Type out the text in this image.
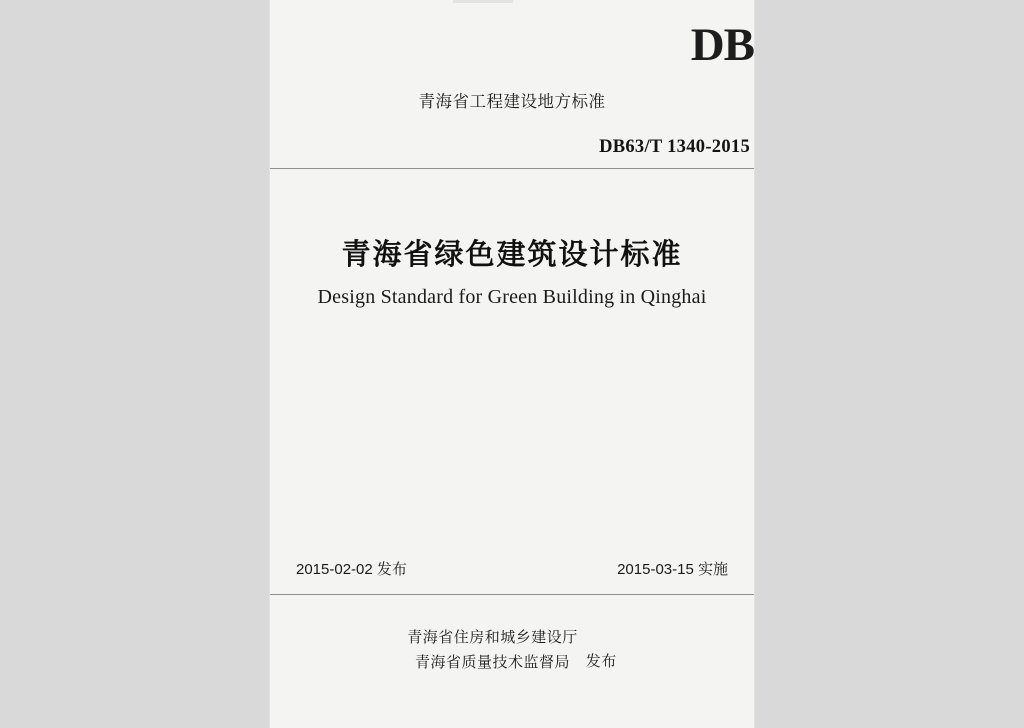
DB
青海省工程建设地方标准
DB63/T 1340-2015
青海省绿色建筑设计标准
Design Standard for Green Building in Qinghai
2015-02-02 发布	2015-03-15 实施
青海省住房和城乡建设厅
青海省质量技术监督局	发布
